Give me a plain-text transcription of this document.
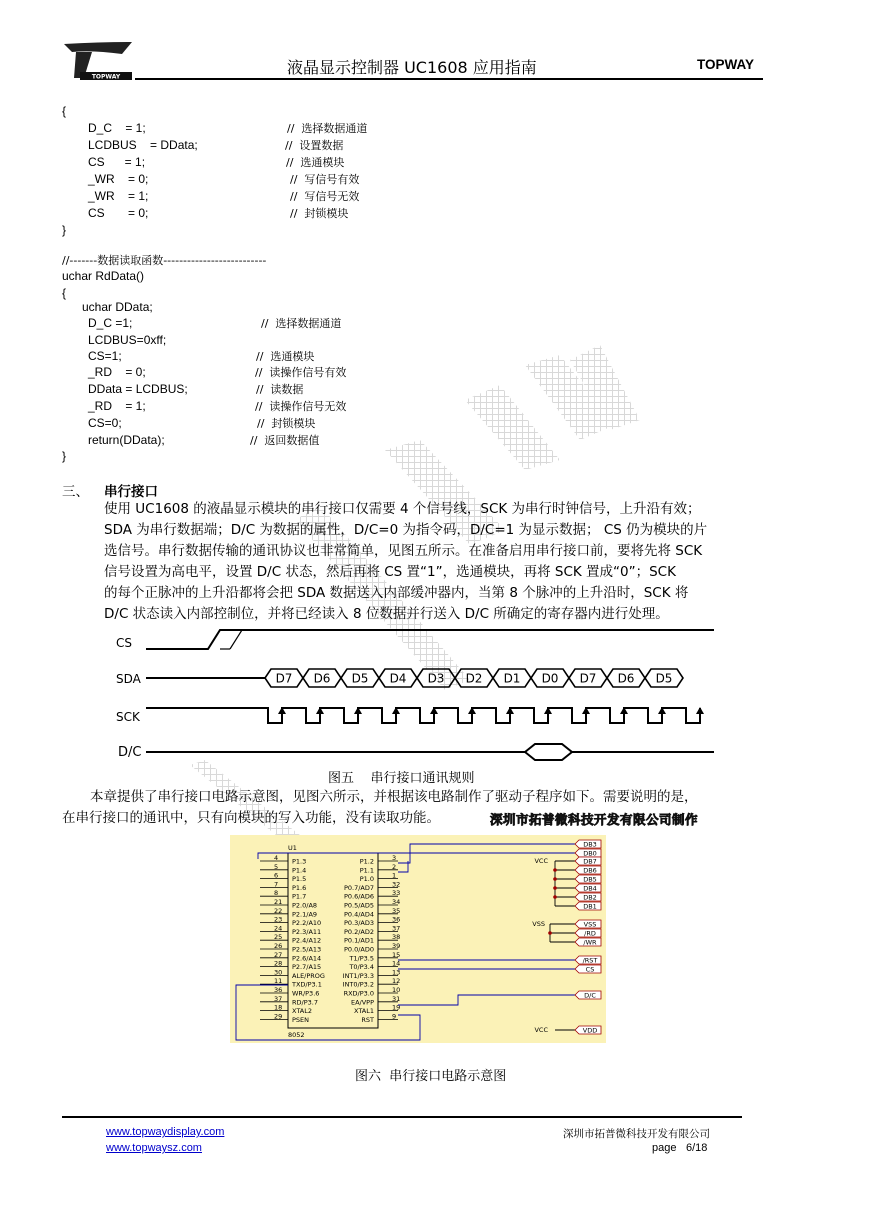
TOPWAY	液晶显示控制器 UC1608 应用指南	TOPWAY
{
D_C    = 1;	//  选择数据通道
LCDBUS    = DData;	//  设置数据
CS      = 1;	//  选通模块
_WR    = 0;	//  写信号有效
_WR    = 1;	//  写信号无效
CS       = 0;	//  封锁模块
}
//-------数据读取函数--------------------------
uchar RdData()
{
uchar DData;
D_C =1;	//  选择数据通道
LCDBUS=0xff;
CS=1;	//  选通模块
_RD    = 0;	//  读操作信号有效
DData = LCDBUS;	//  读数据
_RD    = 1;	//  读操作信号无效
CS=0;	//  封锁模块
return(DData);	//  返回数据值
}
三、 串行接口
使用 UC1608 的液晶显示模块的串行接口仅需要 4 个信号线，SCK 为串行时钟信号，上升沿有效；
SDA 为串行数据端；D/C 为数据的属性，D/C=0 为指令码，D/C=1 为显示数据； CS 仍为模块的片
选信号。串行数据传输的通讯协议也非常简单，见图五所示。在准备启用串行接口前，要将先将 SCK
信号设置为高电平，设置 D/C 状态，然后再将 CS 置“1”，选通模块，再将 SCK 置成“0”；SCK
的每个正脉冲的上升沿都将会把 SDA 数据送入内部缓冲器内，当第 8 个脉冲的上升沿时，SCK 将
D/C 状态读入内部控制位，并将已经读入 8 位数据并行送入 D/C 所确定的寄存器内进行处理。
CS
SDA
SCK
D/C
D7 D6 D5 D4 D3 D2 D1 D0 D7 D6 D5
图五    串行接口通讯规则
本章提供了串行接口电路示意图，见图六所示，并根据该电路制作了驱动子程序如下。需要说明的是，
在串行接口的通讯中，只有向模块的写入功能，没有读取功能。	深圳市拓普微科技开发有限公司制作
U1
8052
4 P1.3
5 P1.4
6 P1.5
7 P1.6
8 P1.7
21 P2.0/A8
22 P2.1/A9
23 P2.2/A10
24 P2.3/A11
25 P2.4/A12
26 P2.5/A13
27 P2.6/A14
28 P2.7/A15
30 ALE/PROG
11 TXD/P3.1
36 WR/P3.6
37 RD/P3.7
18 XTAL2
29 PSEN
3
P1.2
2
P1.1
1
P1.0
32
P0.7/AD7
33
P0.6/AD6
34
P0.5/AD5
35
P0.4/AD4
36
P0.3/AD3
37
P0.2/AD2
38
P0.1/AD1
39
P0.0/AD0
15
T1/P3.5
14
T0/P3.4
13
INT1/P3.3
12
INT0/P3.2
10
RXD/P3.0
31
EA/VPP
19
XTAL1
9
RST
VCC
VSS
VCC
DB3
DB0
DB7
DB6
DB5
DB4
DB2
DB1
VSS
/RD
/WR
/RST
CS
D/C
VDD
图六  串行接口电路示意图
www.topwaydisplay.com
www.topwaysz.com
深圳市拓普微科技开发有限公司
page 6/18
